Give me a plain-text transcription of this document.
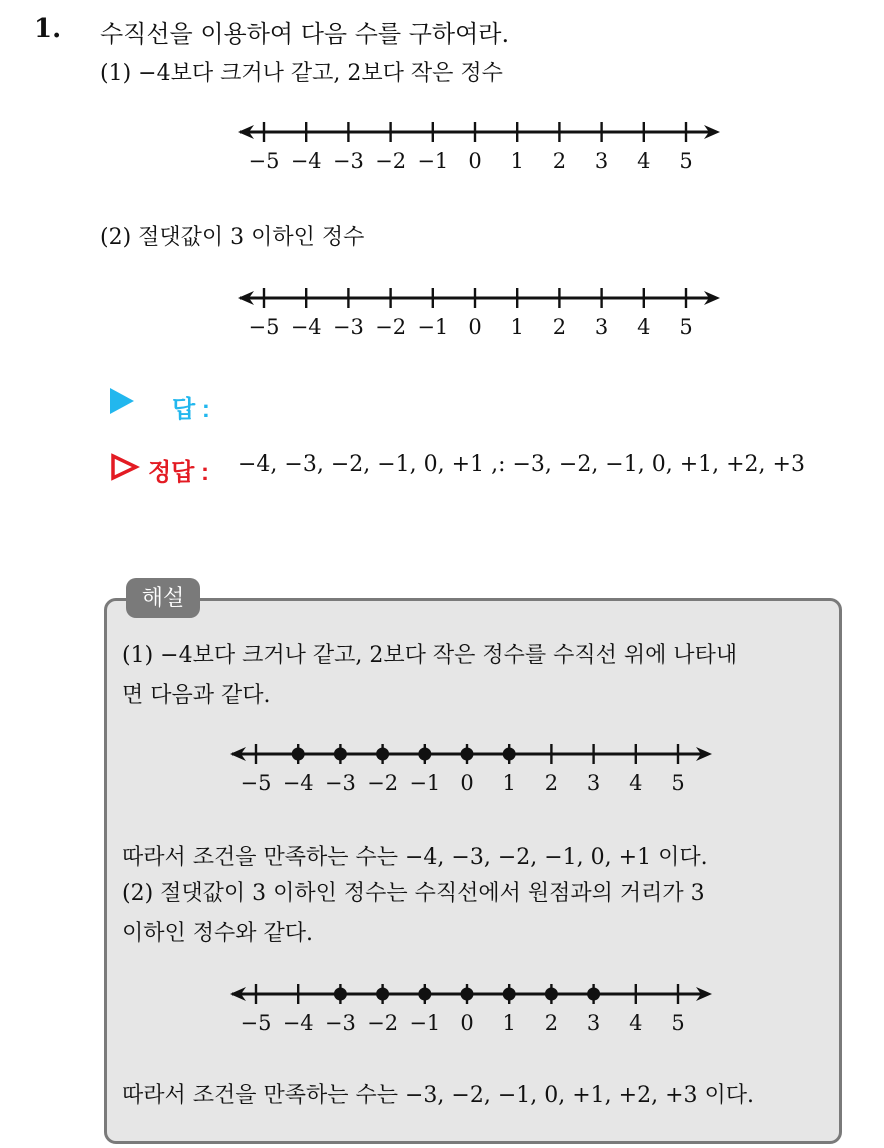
1. 수직선을 이용하여 다음 수를 구하여라.
(1) −4보다 크거나 같고, 2보다 작은 정수
−5 −4 −3 −2 −1 0 1 2 3 4 5
(2) 절댓값이 3 이하인 정수
−5 −4 −3 −2 −1 0 1 2 3 4 5
답 :
정답 : −4, −3, −2, −1, 0, +1 ,: −3, −2, −1, 0, +1, +2, +3
해설
(1) −4보다 크거나 같고, 2보다 작은 정수를 수직선 위에 나타내
면 다음과 같다.
−5 −4 −3 −2 −1 0 1 2 3 4 5
따라서 조건을 만족하는 수는 −4, −3, −2, −1, 0, +1 이다.
(2) 절댓값이 3 이하인 정수는 수직선에서 원점과의 거리가 3
이하인 정수와 같다.
−5 −4 −3 −2 −1 0 1 2 3 4 5
따라서 조건을 만족하는 수는 −3, −2, −1, 0, +1, +2, +3 이다.
